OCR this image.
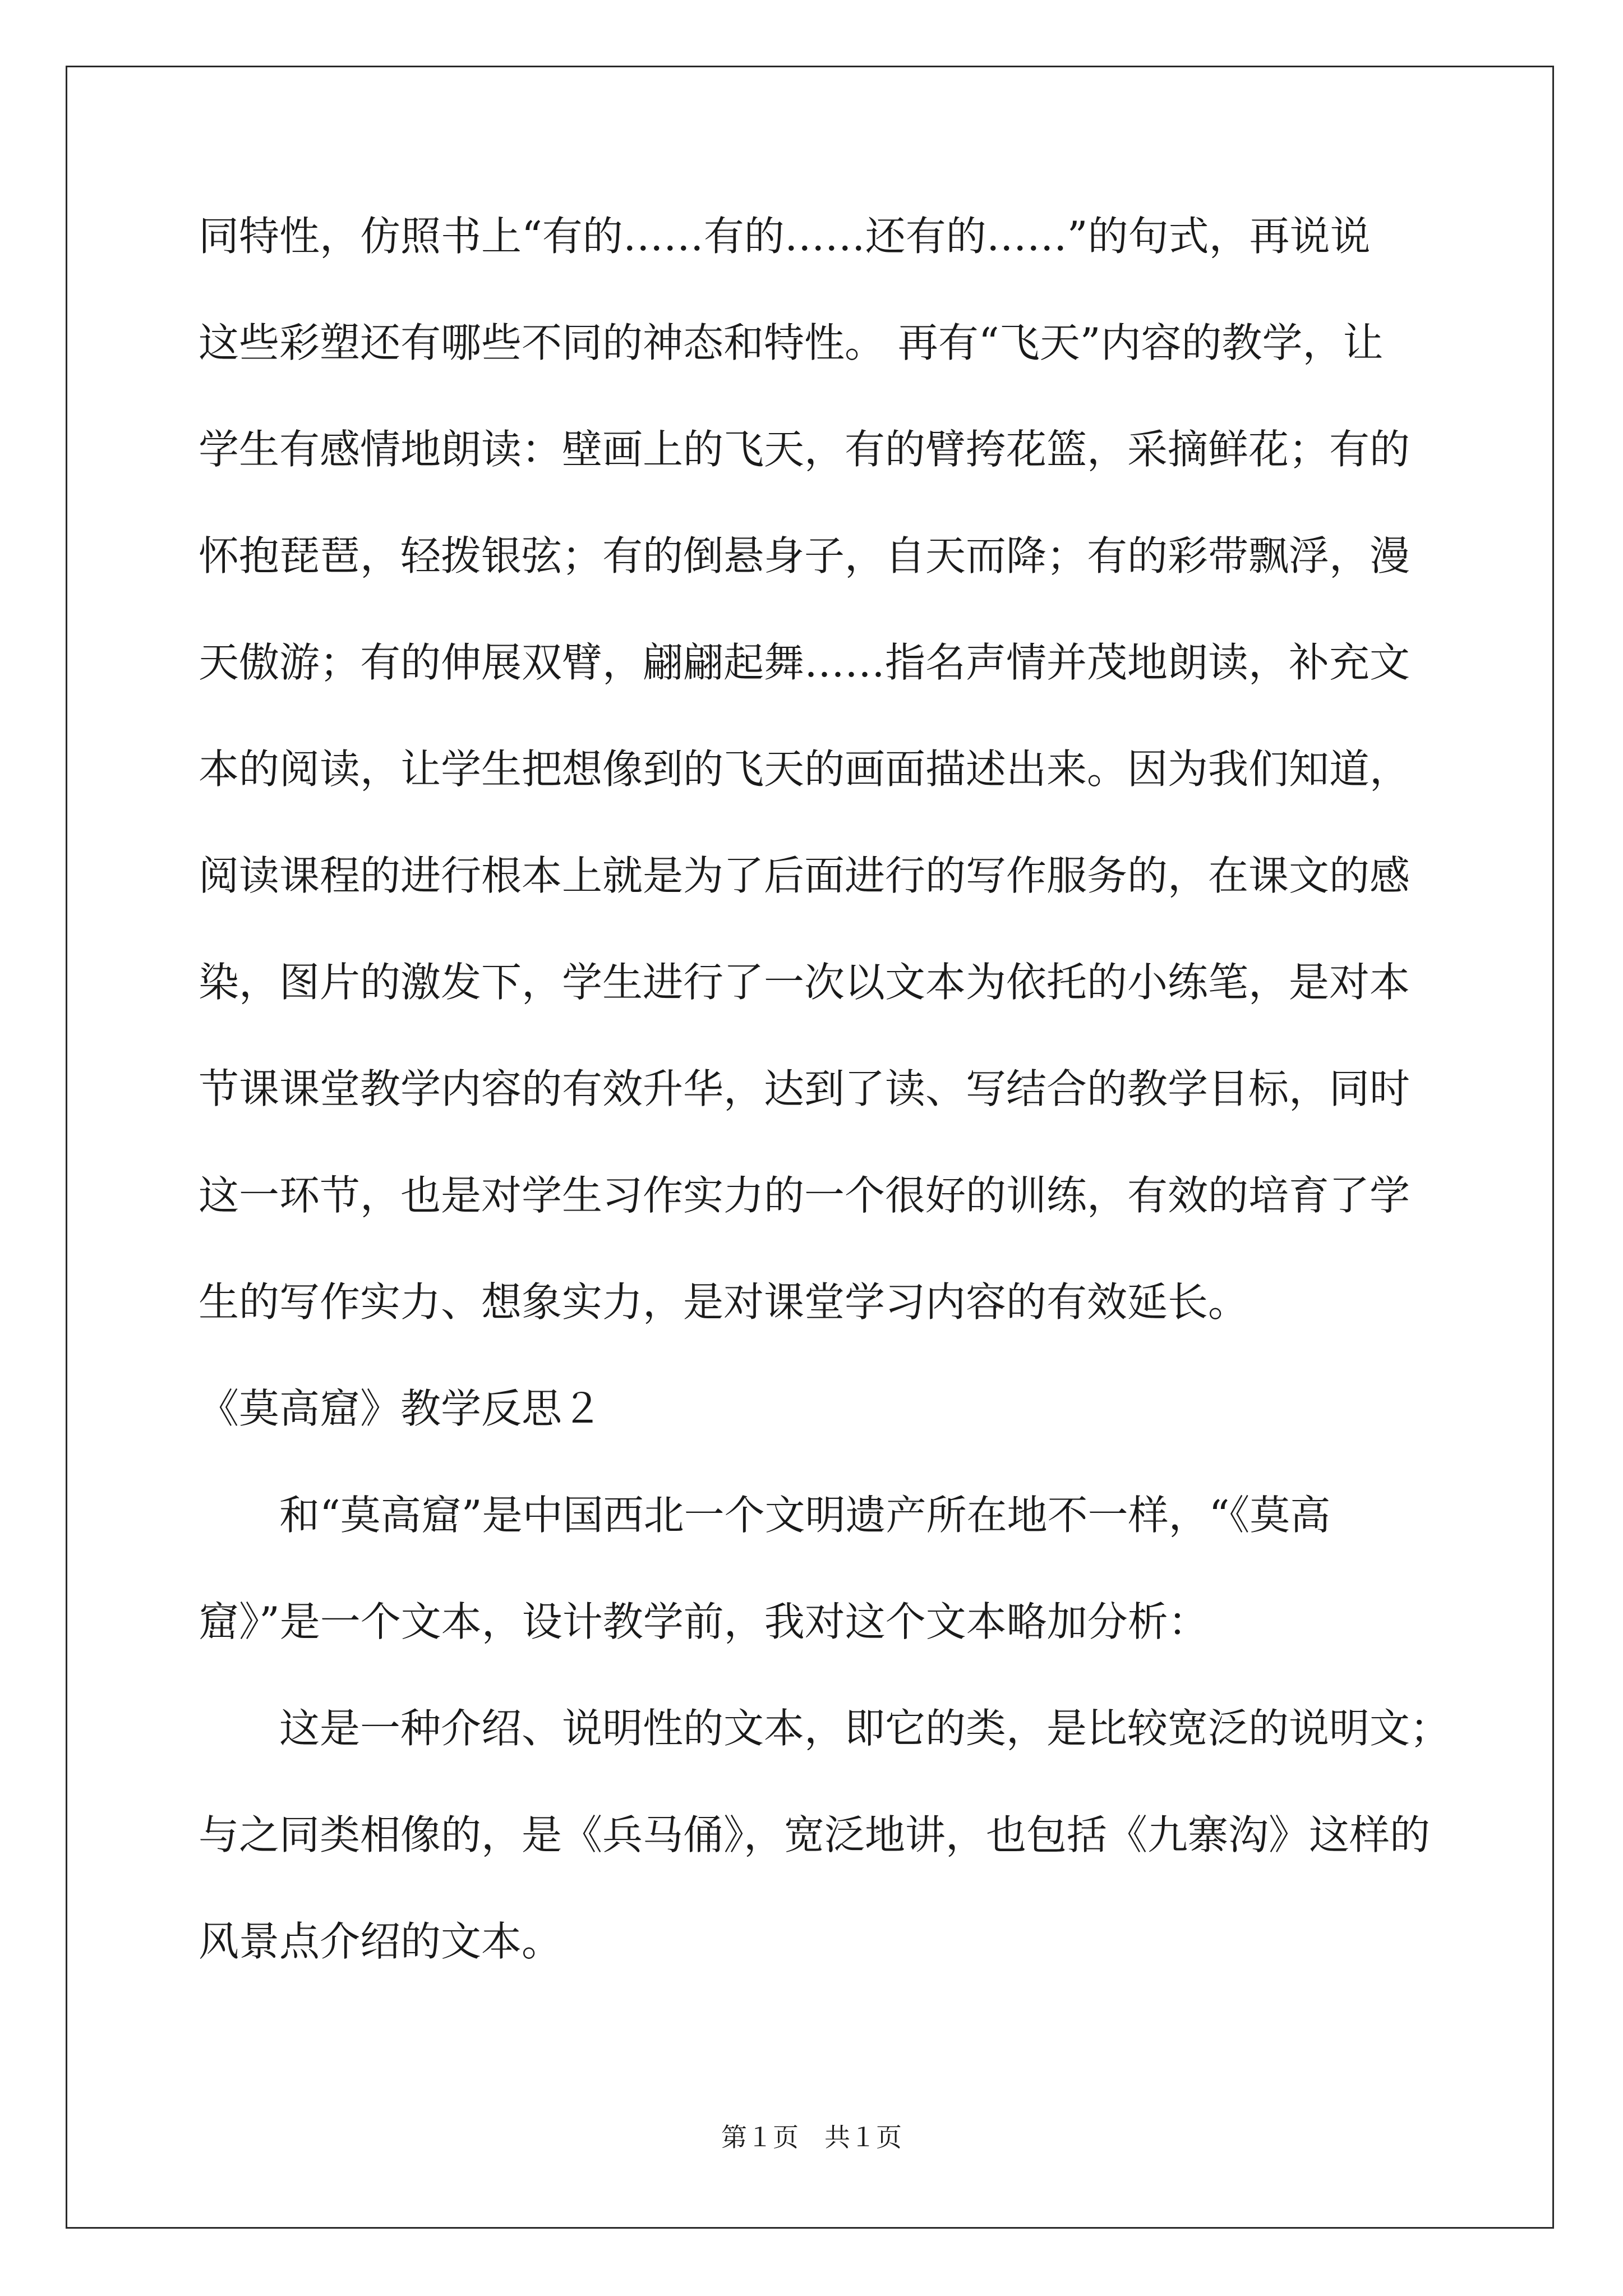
同特性，仿照书上“有的……有的……还有的……”的句式，再说说
这些彩塑还有哪些不同的神态和特性。 再有“飞天”内容的教学，让
学生有感情地朗读：壁画上的飞天，有的臂挎花篮，采摘鲜花；有的
怀抱琵琶，轻拨银弦；有的倒悬身子，自天而降；有的彩带飘浮，漫
天傲游；有的伸展双臂，翩翩起舞……指名声情并茂地朗读，补充文
本的阅读，让学生把想像到的飞天的画面描述出来。因为我们知道，
阅读课程的进行根本上就是为了后面进行的写作服务的，在课文的感
染，图片的激发下，学生进行了一次以文本为依托的小练笔，是对本
节课课堂教学内容的有效升华，达到了读、写结合的教学目标，同时
这一环节，也是对学生习作实力的一个很好的训练，有效的培育了学
生的写作实力、想象实力，是对课堂学习内容的有效延长。
《莫高窟》教学反思２
　　和“莫高窟”是中国西北一个文明遗产所在地不一样，“《莫高
窟》”是一个文本，设计教学前，我对这个文本略加分析：
　　这是一种介绍、说明性的文本，即它的类，是比较宽泛的说明文；
与之同类相像的，是《兵马俑》，宽泛地讲，也包括《九寨沟》这样的
风景点介绍的文本。
第１页　共１页
